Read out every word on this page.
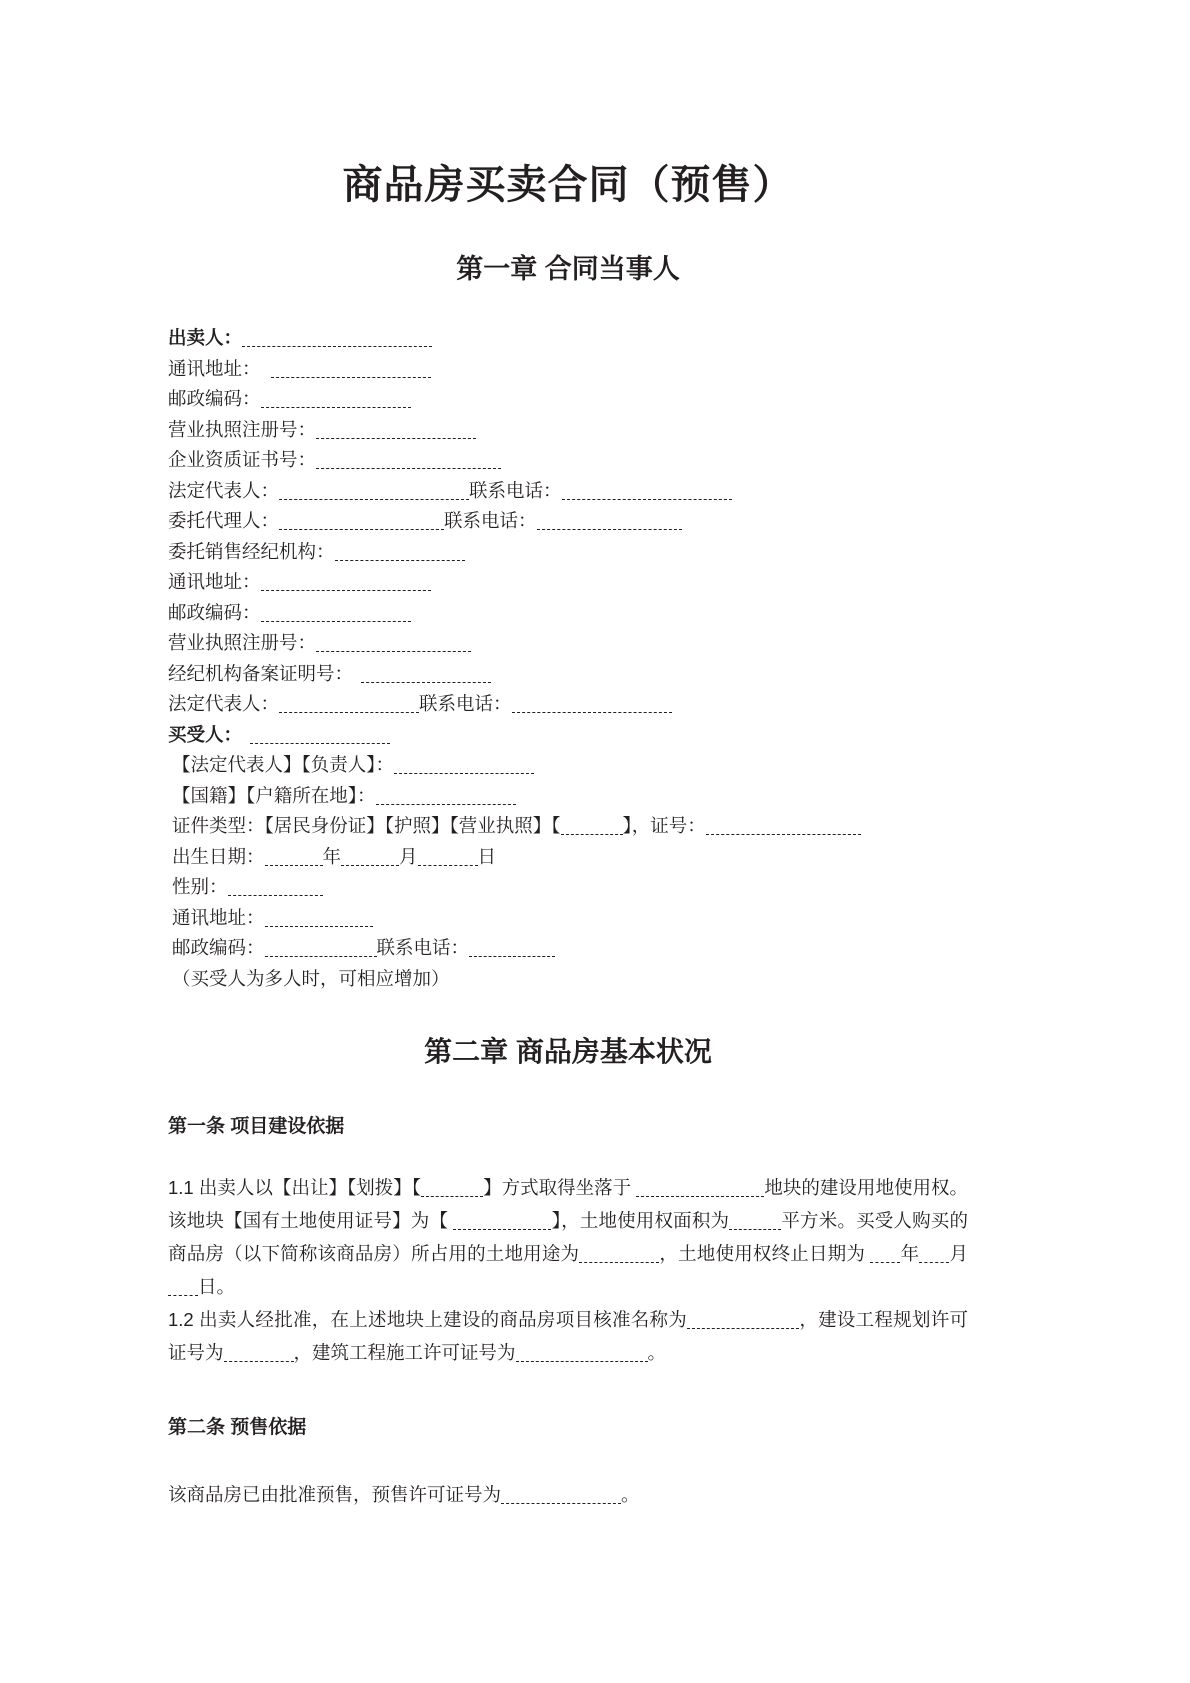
商品房买卖合同（预售）
第一章 合同当事人
出卖人：
通讯地址：
邮政编码：
营业执照注册号：
企业资质证书号：
法定代表人：	联系电话：
委托代理人：	联系电话：
委托销售经纪机构：
通讯地址：
邮政编码：
营业执照注册号：
经纪机构备案证明号：
法定代表人：	联系电话：
买受人：
【法定代表人】【负责人】：
【国籍】【户籍所在地】：
证件类型：【居民身份证】【护照】【营业执照】【	】，证号：
出生日期：	年	月	日
性别：
通讯地址：
邮政编码：	联系电话：
（买受人为多人时，可相应增加）
第二章 商品房基本状况
第一条 项目建设依据

1.1 出卖人以【出让】【划拨】【	】方式取得坐落于	地块的建设用地使用权。该地块【国有土地使用证号】为【	】，土地使用权面积为	平方米。买受人购买的商品房（以下简称该商品房）所占用的土地用途为	，土地使用权终止日期为 年 月日。

1.2 出卖人经批准，在上述地块上建设的商品房项目核准名称为	，建设工程规划许可证号为	，建筑工程施工许可证号为	。

第二条 预售依据

该商品房已由批准预售，预售许可证号为	。
